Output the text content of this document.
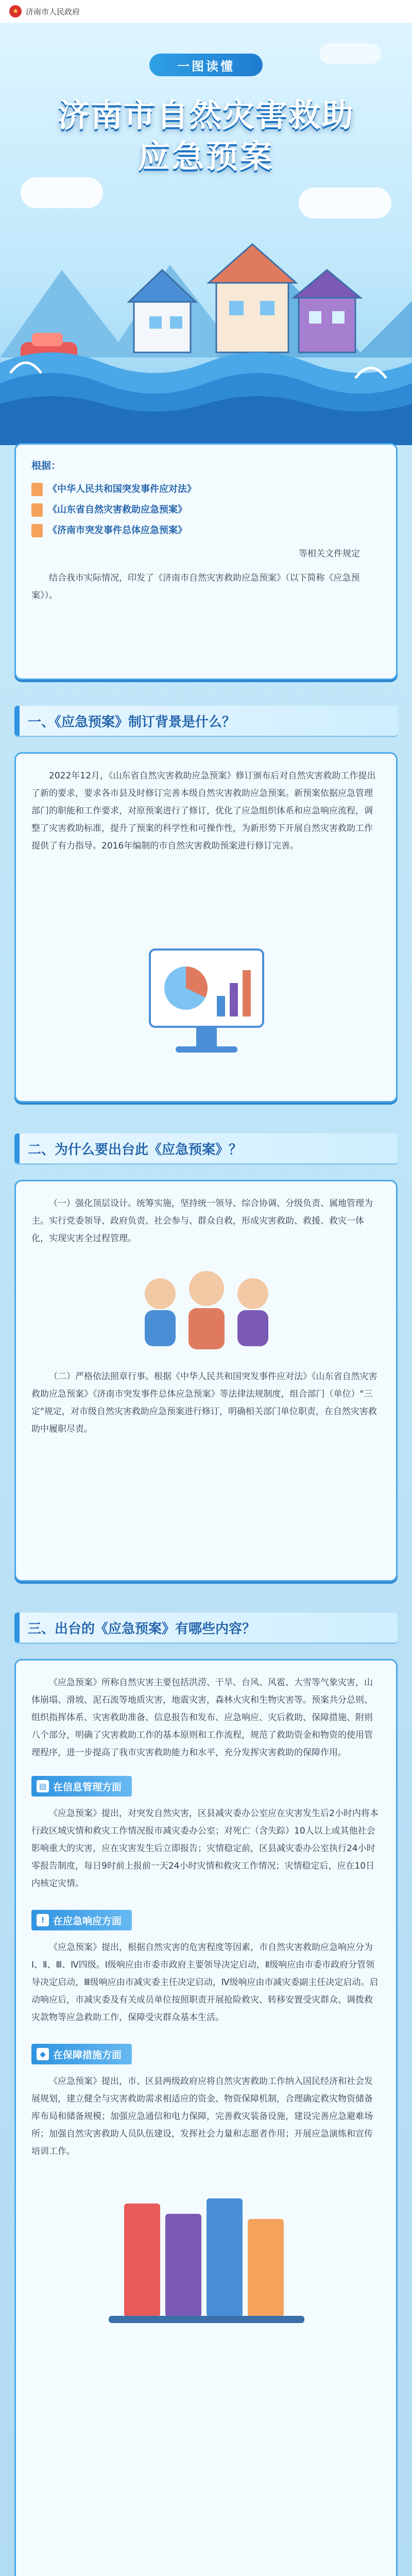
★ 济南市人民政府
一图读懂
济南市自然灾害救助
应急预案
根据：
《中华人民共和国突发事件应对法》
《山东省自然灾害救助应急预案》
《济南市突发事件总体应急预案》
等相关文件规定
结合我市实际情况，印发了《济南市自然灾害救助应急预案》（以下简称《应急预案》）。
一、《应急预案》制订背景是什么？
2022年12月，《山东省自然灾害救助应急预案》修订颁布后对自然灾害救助工作提出了新的要求，要求各市县及时修订完善本级自然灾害救助应急预案。新预案依据应急管理部门的职能和工作要求，对原预案进行了修订，优化了应急组织体系和应急响应流程，调整了灾害救助标准，提升了预案的科学性和可操作性，为新形势下开展自然灾害救助工作提供了有力指导。2016年编制的市自然灾害救助预案进行修订完善。
二、为什么要出台此《应急预案》？
（一）强化顶层设计。统筹实施，坚持统一领导、综合协调、分级负责、属地管理为主。实行党委领导、政府负责、社会参与、群众自救，形成灾害救助、救援、救灾一体化，实现灾害全过程管理。
（二）严格依法照章行事。根据《中华人民共和国突发事件应对法》《山东省自然灾害救助应急预案》《济南市突发事件总体应急预案》等法律法规制度，组合部门（单位）"三定"规定，对市级自然灾害救助应急预案进行修订，明确相关部门单位职责，在自然灾害救助中履职尽责。
三、出台的《应急预案》有哪些内容？
《应急预案》所称自然灾害主要包括洪涝、干旱、台风、风雹、大雪等气象灾害，山体崩塌、滑坡、泥石流等地质灾害，地震灾害，森林火灾和生物灾害等。预案共分总则、组织指挥体系、灾害救助准备、信息报告和发布、应急响应、灾后救助、保障措施、附则八个部分，明确了灾害救助工作的基本原则和工作流程，规范了救助资金和物资的使用管理程序，进一步提高了我市灾害救助能力和水平，充分发挥灾害救助的保障作用。
▤ 在信息管理方面
《应急预案》提出，对突发自然灾害，区县减灾委办公室应在灾害发生后2小时内将本行政区域灾情和救灾工作情况报市减灾委办公室；对死亡（含失踪）10人以上或其他社会影响重大的灾害，应在灾害发生后立即报告；灾情稳定前，区县减灾委办公室执行24小时零报告制度，每日9时前上报前一天24小时灾情和救灾工作情况；灾情稳定后，应在10日内核定灾情。
! 在应急响应方面
《应急预案》提出，根据自然灾害的危害程度等因素，市自然灾害救助应急响应分为Ⅰ、Ⅱ、Ⅲ、Ⅳ四级。Ⅰ级响应由市委市政府主要领导决定启动，Ⅱ级响应由市委市政府分管领导决定启动，Ⅲ级响应由市减灾委主任决定启动，Ⅳ级响应由市减灾委副主任决定启动。启动响应后，市减灾委及有关成员单位按照职责开展抢险救灾、转移安置受灾群众、调拨救灾款物等应急救助工作，保障受灾群众基本生活。
◆ 在保障措施方面
《应急预案》提出，市、区县两级政府应将自然灾害救助工作纳入国民经济和社会发展规划，建立健全与灾害救助需求相适应的资金、物资保障机制，合理确定救灾物资储备库布局和储备规模；加强应急通信和电力保障，完善救灾装备设施，建设完善应急避难场所；加强自然灾害救助人员队伍建设，发挥社会力量和志愿者作用；开展应急演练和宣传培训工作。
